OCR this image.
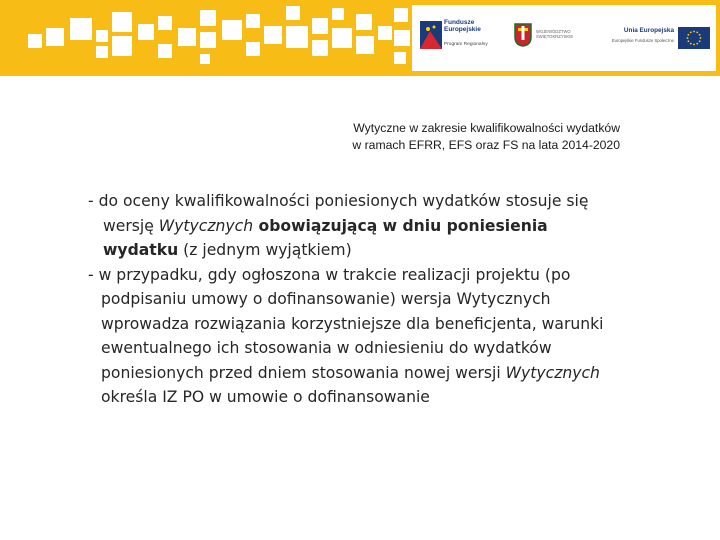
Fundusze
Europejskie
Program Regionalny
WOJEWÓDZTWO ŚWIĘTOKRZYSKIE
Unia Europejska
Europejskie Fundusze Społeczne
Wytyczne w zakresie kwalifikowalności wydatków
w ramach EFRR, EFS oraz FS na lata 2014-2020

- do oceny kwalifikowalności poniesionych wydatków stosuje się wersję Wytycznych obowiązującą w dniu poniesienia wydatku (z jednym wyjątkiem)

- w przypadku, gdy ogłoszona w trakcie realizacji projektu (po podpisaniu umowy o dofinansowanie) wersja Wytycznych wprowadza rozwiązania korzystniejsze dla beneficjenta, warunki ewentualnego ich stosowania w odniesieniu do wydatków poniesionych przed dniem stosowania nowej wersji Wytycznych określa IZ PO w umowie o dofinansowanie
